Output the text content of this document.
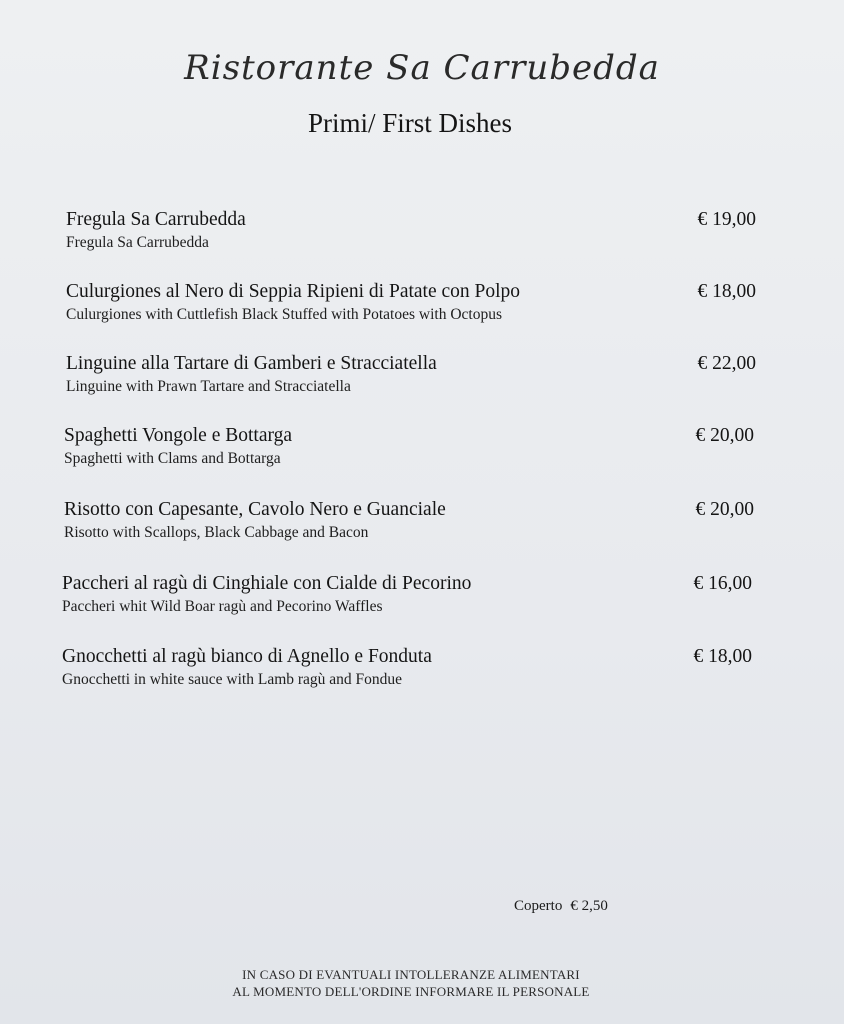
Ristorante Sa Carrubedda
Primi/ First Dishes
Fregula Sa Carrubedda
Fregula Sa Carrubedda
€ 19,00
Culurgiones al Nero di Seppia Ripieni di Patate con Polpo
Culurgiones with Cuttlefish Black Stuffed with Potatoes with Octopus
€ 18,00
Linguine alla Tartare di Gamberi e Stracciatella
Linguine with Prawn Tartare and Stracciatella
€ 22,00
Spaghetti Vongole e Bottarga
Spaghetti with Clams and Bottarga
€ 20,00
Risotto con Capesante, Cavolo Nero e Guanciale
Risotto with Scallops, Black Cabbage and Bacon
€ 20,00
Paccheri al ragù di Cinghiale con Cialde di Pecorino
Paccheri whit Wild Boar ragù and Pecorino Waffles
€ 16,00
Gnocchetti al ragù bianco di Agnello e Fonduta
Gnocchetti in white sauce with Lamb ragù and Fondue
€ 18,00
Coperto € 2,50
IN CASO DI EVANTUALI INTOLLERANZE ALIMENTARI
AL MOMENTO DELL'ORDINE INFORMARE IL PERSONALE
